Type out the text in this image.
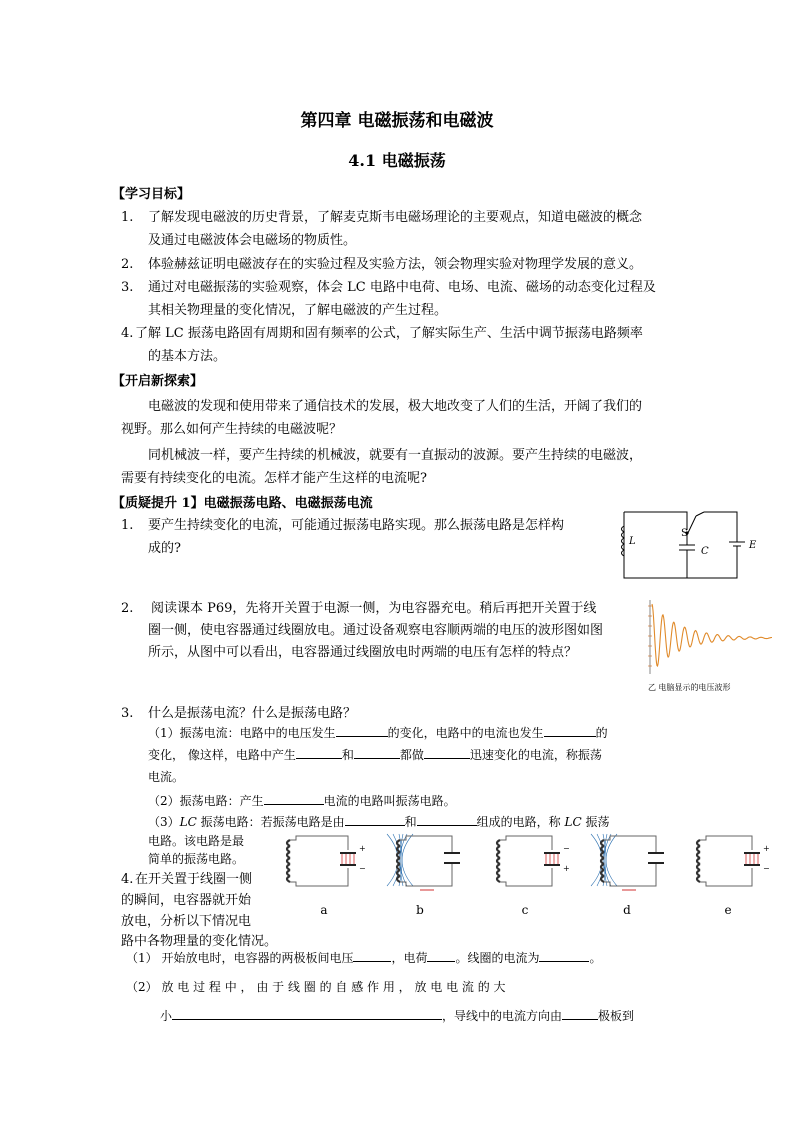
第四章 电磁振荡和电磁波
4.1 电磁振荡
【学习目标】
1. 了解发现电磁波的历史背景，了解麦克斯韦电磁场理论的主要观点，知道电磁波的概念
及通过电磁波体会电磁场的物质性。
2. 体验赫兹证明电磁波存在的实验过程及实验方法，领会物理实验对物理学发展的意义。
3. 通过对电磁振荡的实验观察，体会 LC 电路中电荷、电场、电流、磁场的动态变化过程及
其相关物理量的变化情况，了解电磁波的产生过程。
4. 了解 LC 振荡电路固有周期和固有频率的公式，了解实际生产、生活中调节振荡电路频率
的基本方法。
【开启新探索】
电磁波的发现和使用带来了通信技术的发展，极大地改变了人们的生活，开阔了我们的
视野。那么如何产生持续的电磁波呢？
同机械波一样，要产生持续的机械波，就要有一直振动的波源。要产生持续的电磁波，
需要有持续变化的电流。怎样才能产生这样的电流呢?
【质疑提升 1】电磁振荡电路、电磁振荡电流
1. 要产生持续变化的电流，可能通过振荡电路实现。那么振荡电路是怎样构
成的?	L
S
C
E
2. 阅读课本 P69，先将开关置于电源一侧，为电容器充电。稍后再把开关置于线
圈一侧，使电容器通过线圈放电。通过设备观察电容顺两端的电压的波形图如图
所示，从图中可以看出，电容器通过线圈放电时两端的电压有怎样的特点？
乙 电脑显示的电压波形
3. 什么是振荡电流？什么是振荡电路？
（1）振荡电流：电路中的电压发生	的变化，电路中的电流也发生	的
变化， 像这样，电路中产生	和	都做	迅速变化的电流，称振荡
电流。
（2）振荡电路：产生	电流的电路叫振荡电路。
（3）LC 振荡电路：若振荡电路是由	和	组成的电路，称 LC 振荡
电路。该电路是最
简单的振荡电路。
4. 在开关置于线圈一侧
的瞬间，电容器就开始
放电，分析以下情况电
路中各物理量的变化情况。
+
−
−
+
+
−
a	b	c	d	e
（1） 开始放电时，电容器的两极板间电压	，电荷 。线圈的电流为	。
（2） 放 电 过 程 中 ， 由 于 线 圈 的 自 感 作 用 ， 放 电 电 流 的 大
小	，导线中的电流方向由	极板到
